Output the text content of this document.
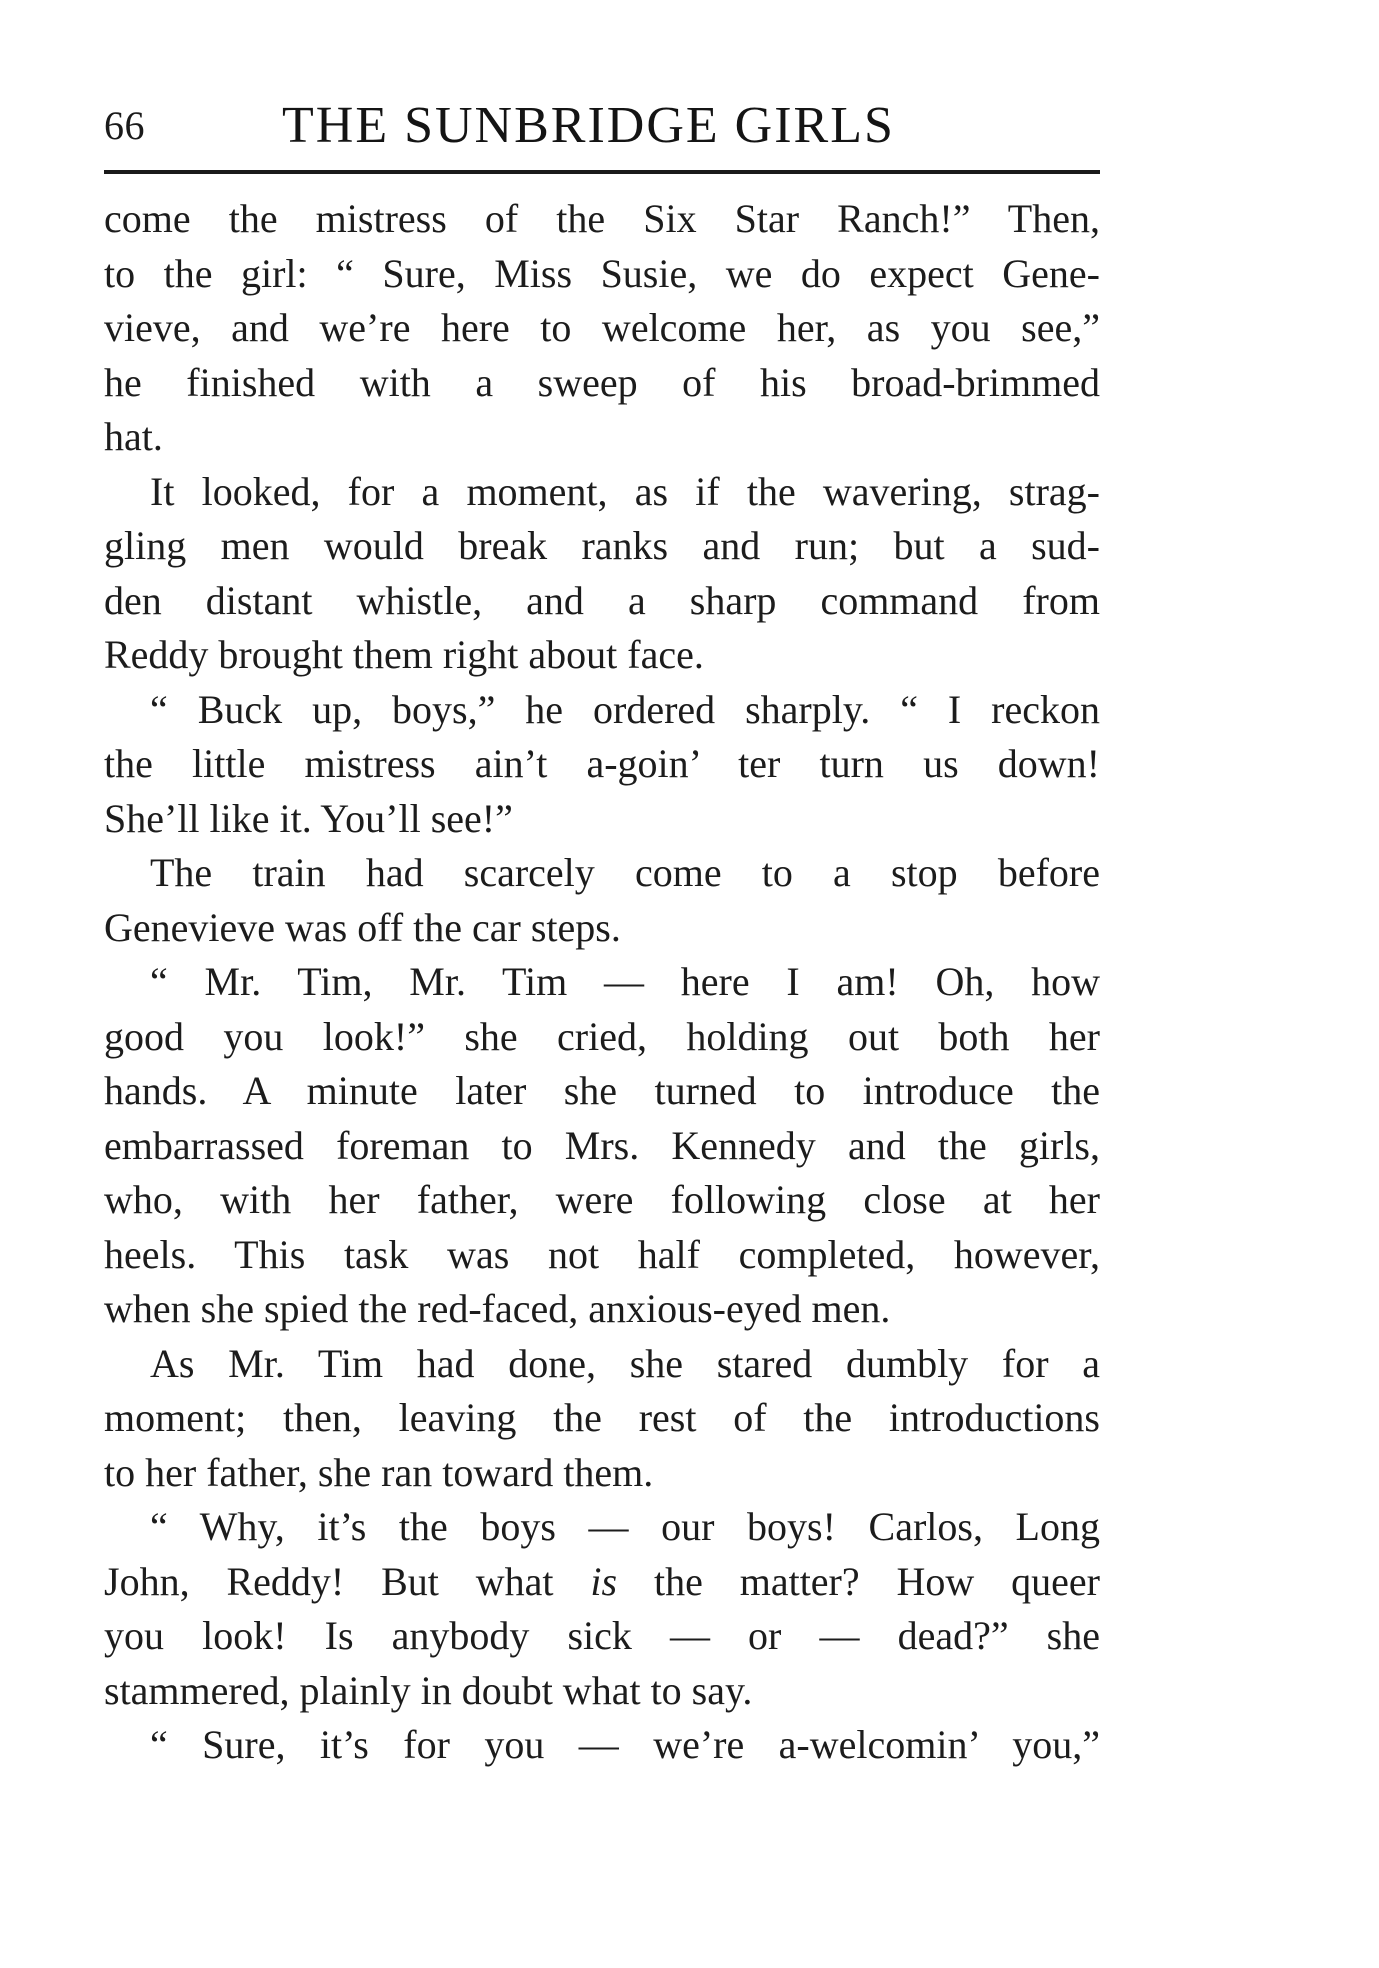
66	THE SUNBRIDGE GIRLS
come the mistress of the Six Star Ranch!” Then,
to the girl: “ Sure, Miss Susie, we do expect Gene-
vieve, and we’re here to welcome her, as you see,”
he finished with a sweep of his broad-brimmed
hat.
It looked, for a moment, as if the wavering, strag-
gling men would break ranks and run; but a sud-
den distant whistle, and a sharp command from
Reddy brought them right about face.
“ Buck up, boys,” he ordered sharply. “ I reckon
the little mistress ain’t a-goin’ ter turn us down!
She’ll like it. You’ll see!”
The train had scarcely come to a stop before
Genevieve was off the car steps.
“ Mr. Tim, Mr. Tim — here I am! Oh, how
good you look!” she cried, holding out both her
hands. A minute later she turned to introduce the
embarrassed foreman to Mrs. Kennedy and the girls,
who, with her father, were following close at her
heels. This task was not half completed, however,
when she spied the red-faced, anxious-eyed men.
As Mr. Tim had done, she stared dumbly for a
moment; then, leaving the rest of the introductions
to her father, she ran toward them.
“ Why, it’s the boys — our boys! Carlos, Long
John, Reddy! But what is the matter? How queer
you look! Is anybody sick — or — dead?” she
stammered, plainly in doubt what to say.
“ Sure, it’s for you — we’re a-welcomin’ you,”
